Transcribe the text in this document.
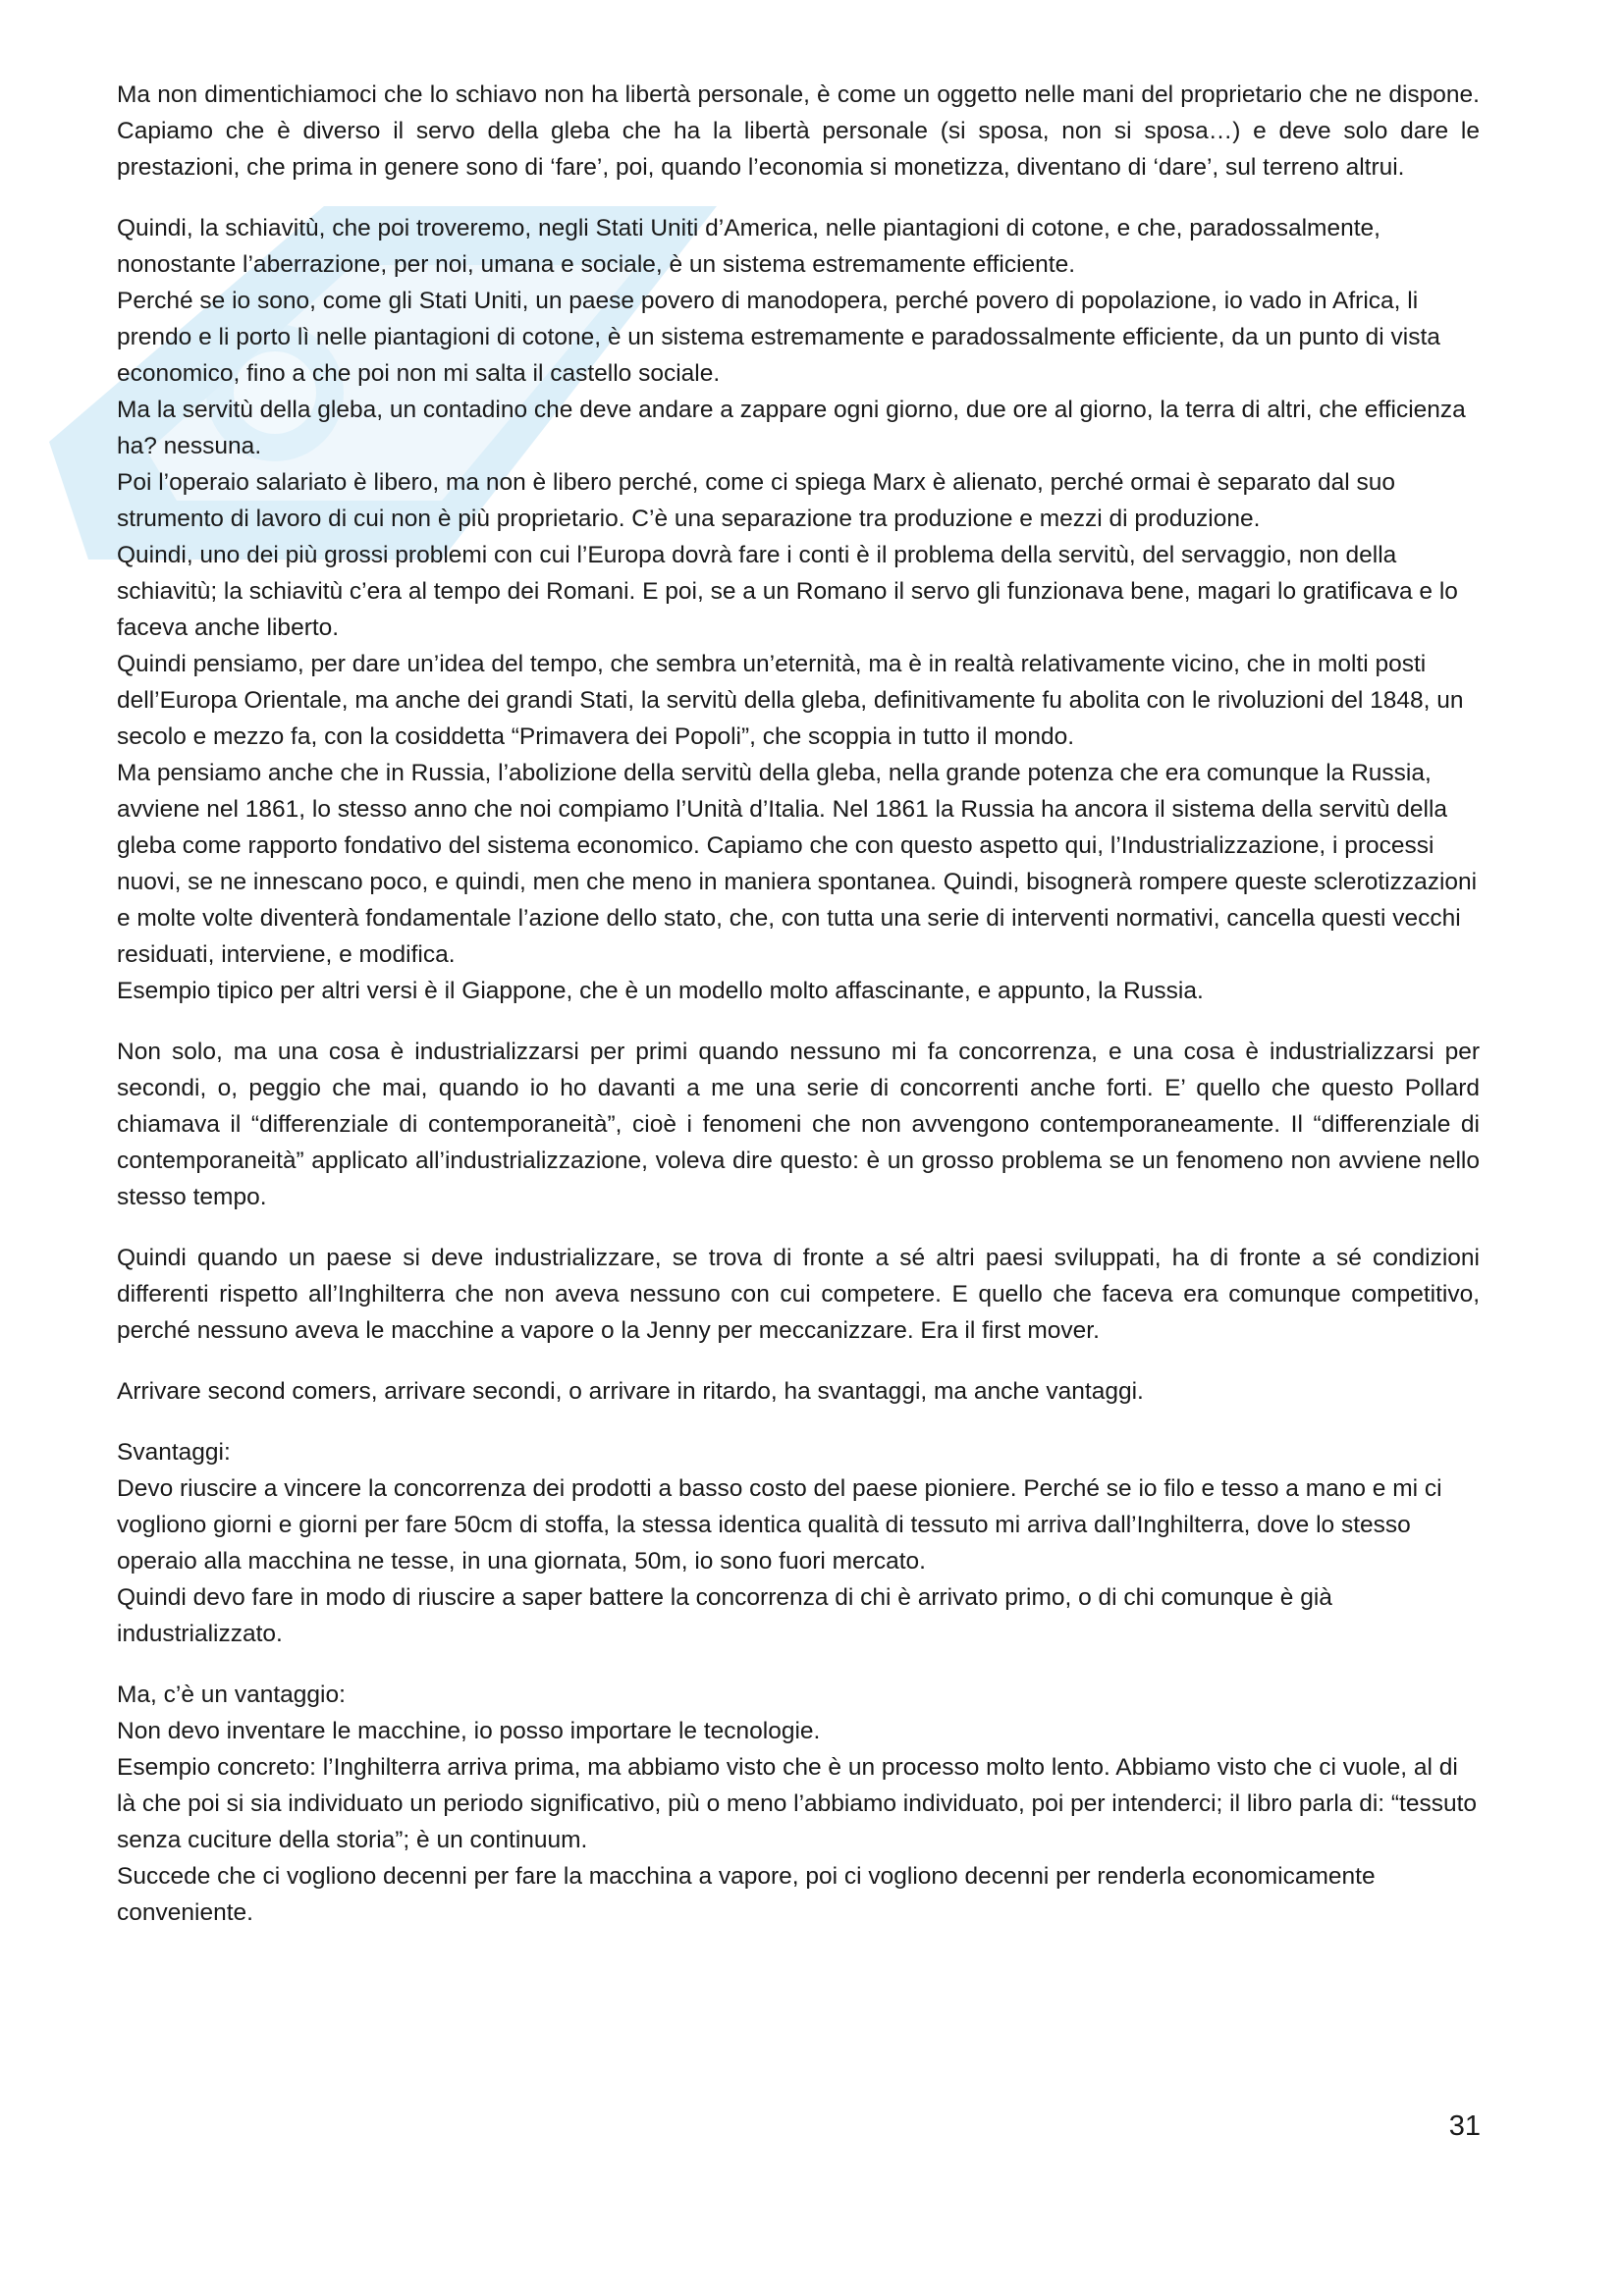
Ma non dimentichiamoci che lo schiavo non ha libertà personale, è come un oggetto nelle mani del proprietario che ne dispone. Capiamo che è diverso il servo della gleba che ha la libertà personale (si sposa, non si sposa…) e deve solo dare le prestazioni, che prima in genere sono di ‘fare’, poi, quando l’economia si monetizza, diventano di ‘dare’, sul terreno altrui.

Quindi, la schiavitù, che poi troveremo, negli Stati Uniti d’America, nelle piantagioni di cotone, e che, paradossalmente, nonostante l’aberrazione, per noi, umana e sociale, è un sistema estremamente efficiente.

Perché se io sono, come gli Stati Uniti, un paese povero di manodopera, perché povero di popolazione, io vado in Africa, li prendo e li porto lì nelle piantagioni di cotone, è un sistema estremamente e paradossalmente efficiente, da un punto di vista economico, fino a che poi non mi salta il castello sociale.

Ma la servitù della gleba, un contadino che deve andare a zappare ogni giorno, due ore al giorno, la terra di altri, che efficienza ha? nessuna.

Poi l’operaio salariato è libero, ma non è libero perché, come ci spiega Marx è alienato, perché ormai è separato dal suo strumento di lavoro di cui non è più proprietario. C’è una separazione tra produzione e mezzi di produzione.

Quindi, uno dei più grossi problemi con cui l’Europa dovrà fare i conti è il problema della servitù, del servaggio, non della schiavitù; la schiavitù c’era al tempo dei Romani. E poi, se a un Romano il servo gli funzionava bene, magari lo gratificava e lo faceva anche liberto.

Quindi pensiamo, per dare un’idea del tempo, che sembra un’eternità, ma è in realtà relativamente vicino, che in molti posti dell’Europa Orientale, ma anche dei grandi Stati, la servitù della gleba, definitivamente fu abolita con le rivoluzioni del 1848, un secolo e mezzo fa, con la cosiddetta “Primavera dei Popoli”, che scoppia in tutto il mondo.

Ma pensiamo anche che in Russia, l’abolizione della servitù della gleba, nella grande potenza che era comunque la Russia, avviene nel 1861, lo stesso anno che noi compiamo l’Unità d’Italia. Nel 1861 la Russia ha ancora il sistema della servitù della gleba come rapporto fondativo del sistema economico. Capiamo che con questo aspetto qui, l’Industrializzazione, i processi nuovi, se ne innescano poco, e quindi, men che meno in maniera spontanea. Quindi, bisognerà rompere queste sclerotizzazioni e molte volte diventerà fondamentale l’azione dello stato, che, con tutta una serie di interventi normativi, cancella questi vecchi residuati, interviene, e modifica.

Esempio tipico per altri versi è il Giappone, che è un modello molto affascinante, e appunto, la Russia.

Non solo, ma una cosa è industrializzarsi per primi quando nessuno mi fa concorrenza, e una cosa è industrializzarsi per secondi, o, peggio che mai, quando io ho davanti a me una serie di concorrenti anche forti. E’ quello che questo Pollard chiamava il “differenziale di contemporaneità”, cioè i fenomeni che non avvengono contemporaneamente. Il “differenziale di contemporaneità” applicato all’industrializzazione, voleva dire questo: è un grosso problema se un fenomeno non avviene nello stesso tempo.

Quindi quando un paese si deve industrializzare, se trova di fronte a sé altri paesi sviluppati, ha di fronte a sé condizioni differenti rispetto all’Inghilterra che non aveva nessuno con cui competere. E quello che faceva era comunque competitivo, perché nessuno aveva le macchine a vapore o la Jenny per meccanizzare. Era il first mover.

Arrivare second comers, arrivare secondi, o arrivare in ritardo, ha svantaggi, ma anche vantaggi.

Svantaggi:

Devo riuscire a vincere la concorrenza dei prodotti a basso costo del paese pioniere. Perché se io filo e tesso a mano e mi ci vogliono giorni e giorni per fare 50cm di stoffa, la stessa identica qualità di tessuto mi arriva dall’Inghilterra, dove lo stesso operaio alla macchina ne tesse, in una giornata, 50m, io sono fuori mercato.

Quindi devo fare in modo di riuscire a saper battere la concorrenza di chi è arrivato primo, o di chi comunque è già industrializzato.

Ma, c’è un vantaggio:

Non devo inventare le macchine, io posso importare le tecnologie.

Esempio concreto: l’Inghilterra arriva prima, ma abbiamo visto che è un processo molto lento. Abbiamo visto che ci vuole, al di là che poi si sia individuato un periodo significativo, più o meno l’abbiamo individuato, poi per intenderci; il libro parla di: “tessuto senza cuciture della storia”; è un continuum.

Succede che ci vogliono decenni per fare la macchina a vapore, poi ci vogliono decenni per renderla economicamente conveniente.

31
